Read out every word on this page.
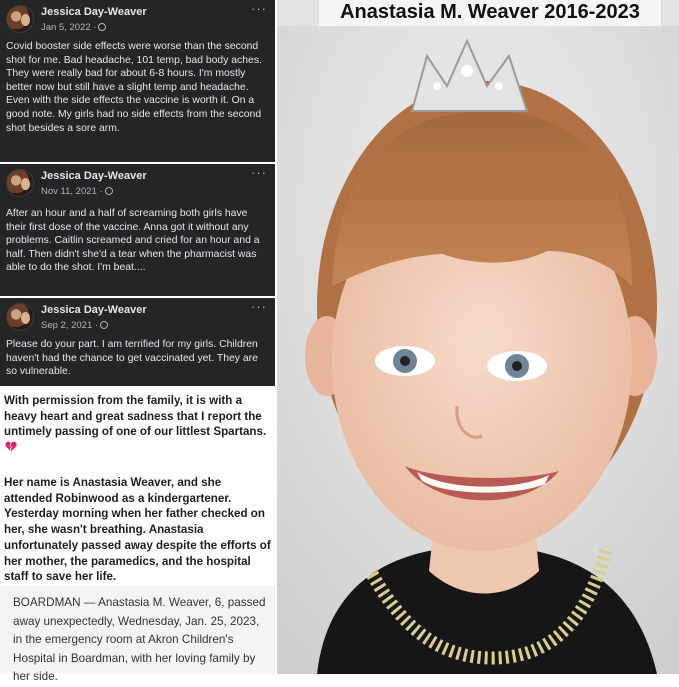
Jessica Day-Weaver
Jan 5, 2022 ·
···
Covid booster side effects were worse than the second shot for me. Bad headache, 101 temp, bad body aches. They were really bad for about 6-8 hours. I'm mostly better now but still have a slight temp and headache. Even with the side effects the vaccine is worth it. On a good note. My girls had no side effects from the second shot besides a sore arm.
Jessica Day-Weaver
Nov 11, 2021 ·
···
After an hour and a half of screaming both girls have their first dose of the vaccine. Anna got it without any problems. Caitlin screamed and cried for an hour and a half. Then didn't she'd a tear when the pharmacist was able to do the shot. I'm beat....
Jessica Day-Weaver
Sep 2, 2021 ·
···
Please do your part. I am terrified for my girls. Children haven't had the chance to get vaccinated yet. They are so vulnerable.
With permission from the family, it is with a heavy heart and great sadness that I report the untimely passing of one of our littlest Spartans.
Her name is Anastasia Weaver, and she attended Robinwood as a kindergartener. Yesterday morning when her father checked on her, she wasn't breathing. Anastasia unfortunately passed away despite the efforts of her mother, the paramedics, and the hospital staff to save her life.
BOARDMAN — Anastasia M. Weaver, 6, passed away unexpectedly, Wednesday, Jan. 25, 2023, in the emergency room at Akron Children's Hospital in Boardman, with her loving family by her side.
Anastasia M. Weaver 2016-2023
